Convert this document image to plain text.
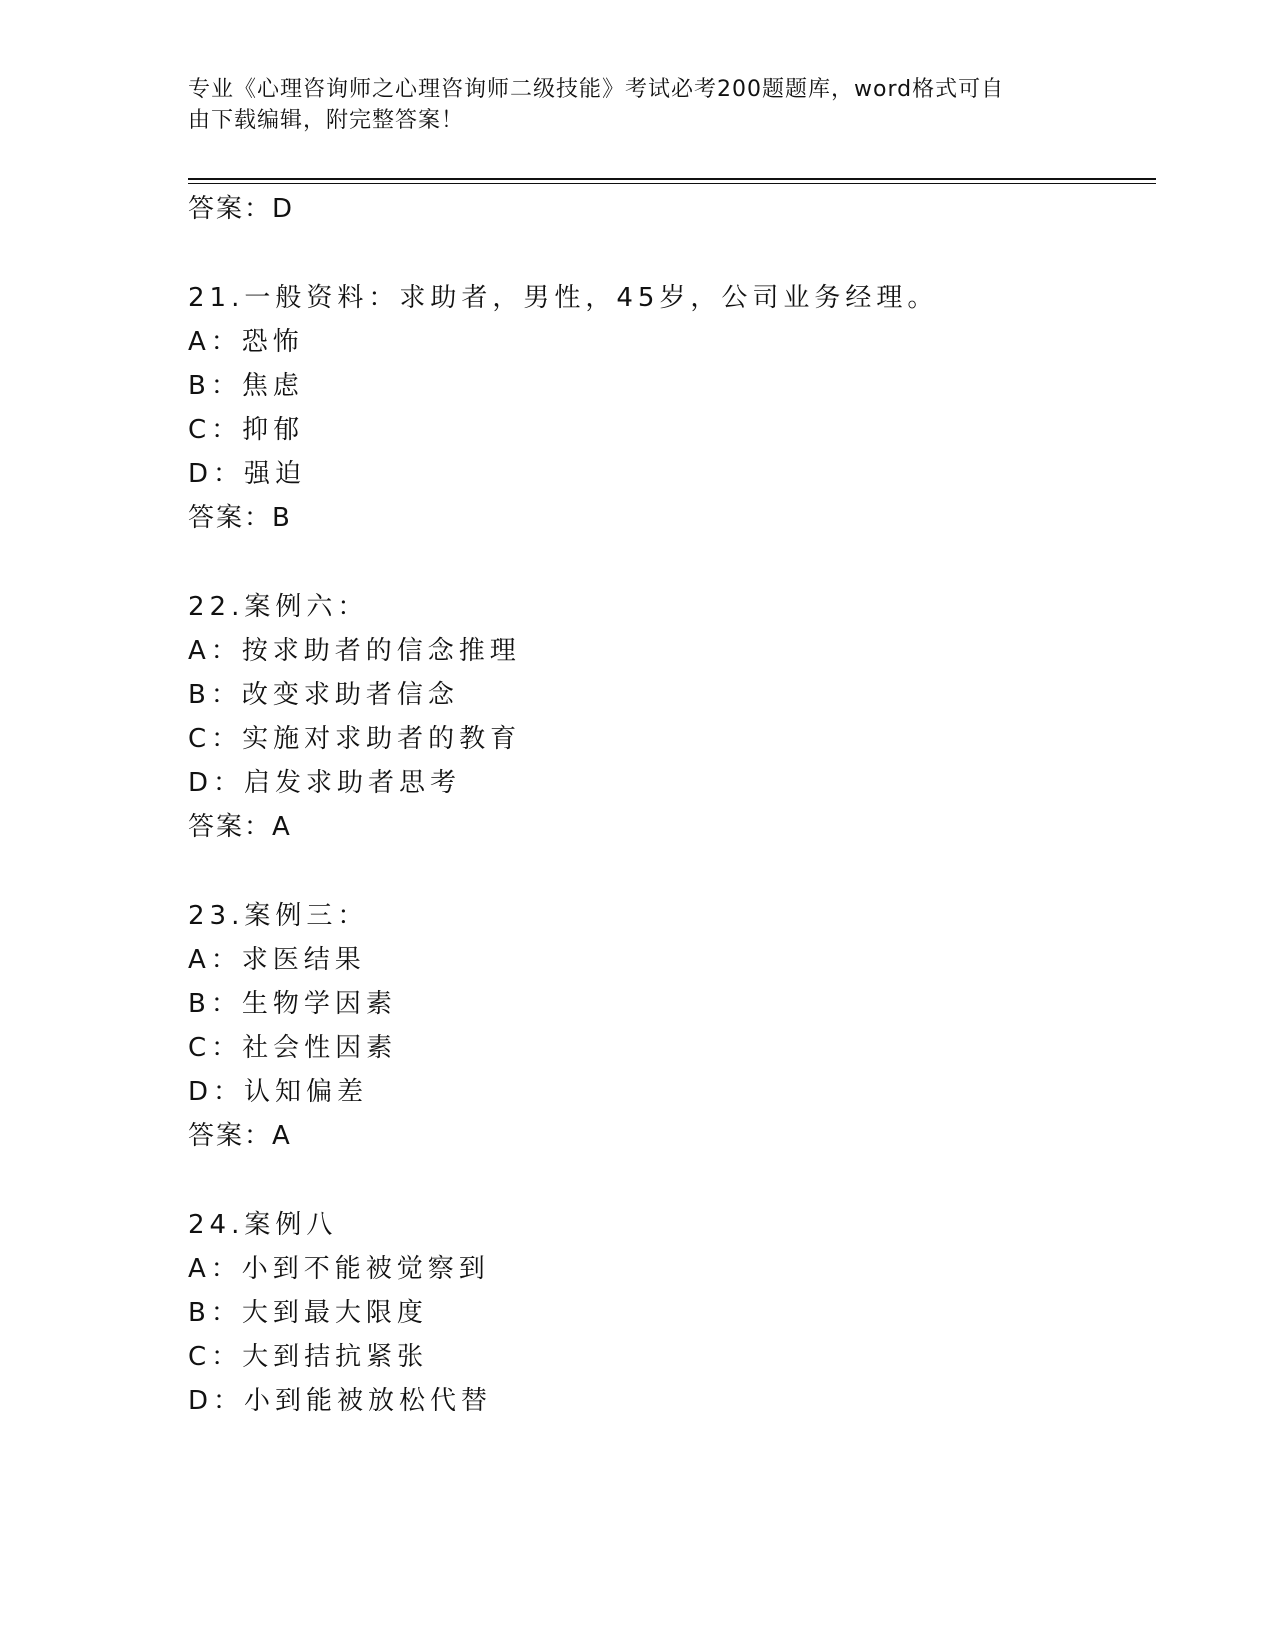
专业《心理咨询师之心理咨询师二级技能》考试必考200题题库，word格式可自
由下载编辑，附完整答案！
答案：D
21.一般资料：求助者，男性，45岁，公司业务经理。
A：恐怖
B：焦虑
C：抑郁
D：强迫
答案：B
22.案例六：
A：按求助者的信念推理
B：改变求助者信念
C：实施对求助者的教育
D：启发求助者思考
答案：A
23.案例三：
A：求医结果
B：生物学因素
C：社会性因素
D：认知偏差
答案：A
24.案例八
A：小到不能被觉察到
B：大到最大限度
C：大到拮抗紧张
D：小到能被放松代替
